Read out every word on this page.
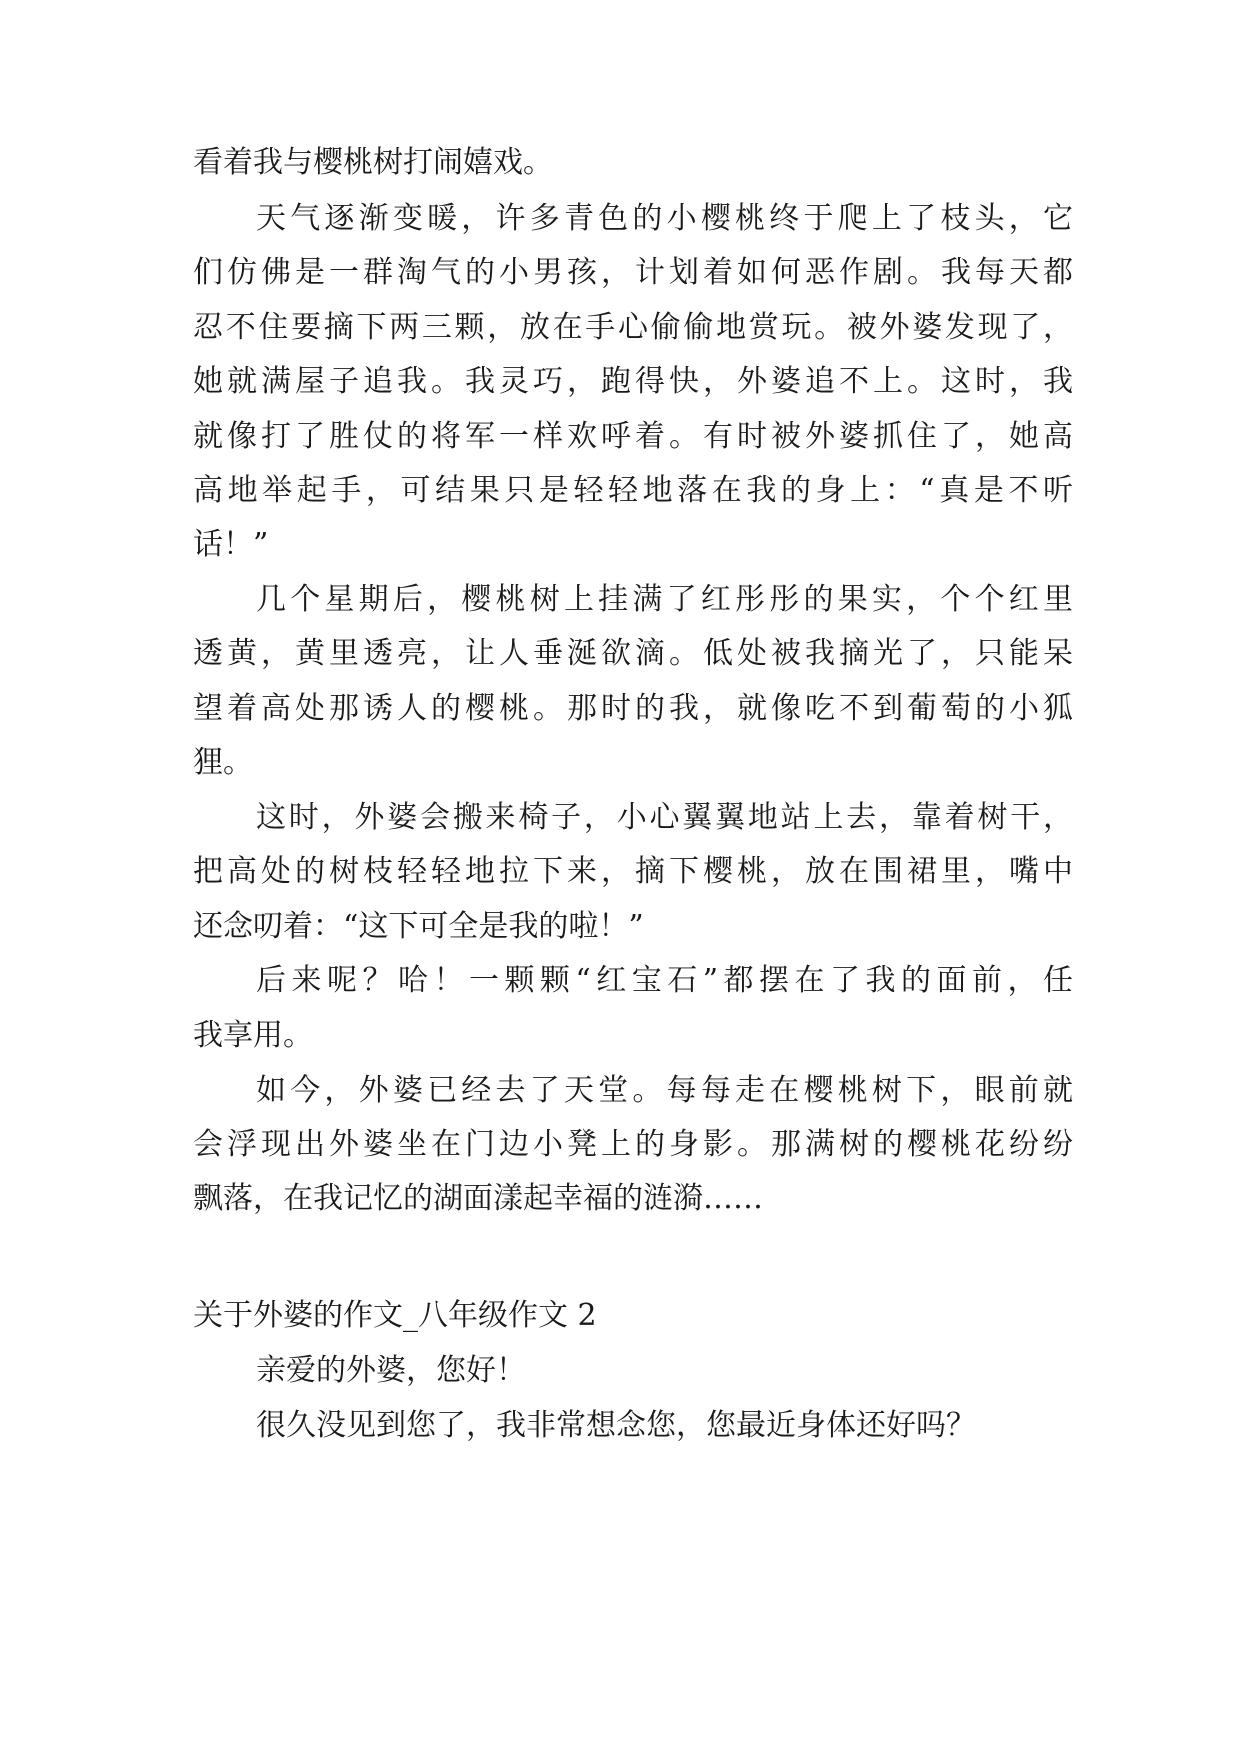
看着我与樱桃树打闹嬉戏。
天气逐渐变暖，许多青色的小樱桃终于爬上了枝头，它
们仿佛是一群淘气的小男孩，计划着如何恶作剧。我每天都
忍不住要摘下两三颗，放在手心偷偷地赏玩。被外婆发现了，
她就满屋子追我。我灵巧，跑得快，外婆追不上。这时，我
就像打了胜仗的将军一样欢呼着。有时被外婆抓住了，她高
高地举起手，可结果只是轻轻地落在我的身上：“真是不听
话！”
几个星期后，樱桃树上挂满了红彤彤的果实，个个红里
透黄，黄里透亮，让人垂涎欲滴。低处被我摘光了，只能呆
望着高处那诱人的樱桃。那时的我，就像吃不到葡萄的小狐
狸。
这时，外婆会搬来椅子，小心翼翼地站上去，靠着树干，
把高处的树枝轻轻地拉下来，摘下樱桃，放在围裙里，嘴中
还念叨着：“这下可全是我的啦！”
后来呢？哈！一颗颗“红宝石”都摆在了我的面前，任
我享用。
如今，外婆已经去了天堂。每每走在樱桃树下，眼前就
会浮现出外婆坐在门边小凳上的身影。那满树的樱桃花纷纷
飘落，在我记忆的湖面漾起幸福的涟漪……
关于外婆的作文_八年级作文 2
亲爱的外婆，您好！
很久没见到您了，我非常想念您，您最近身体还好吗？
